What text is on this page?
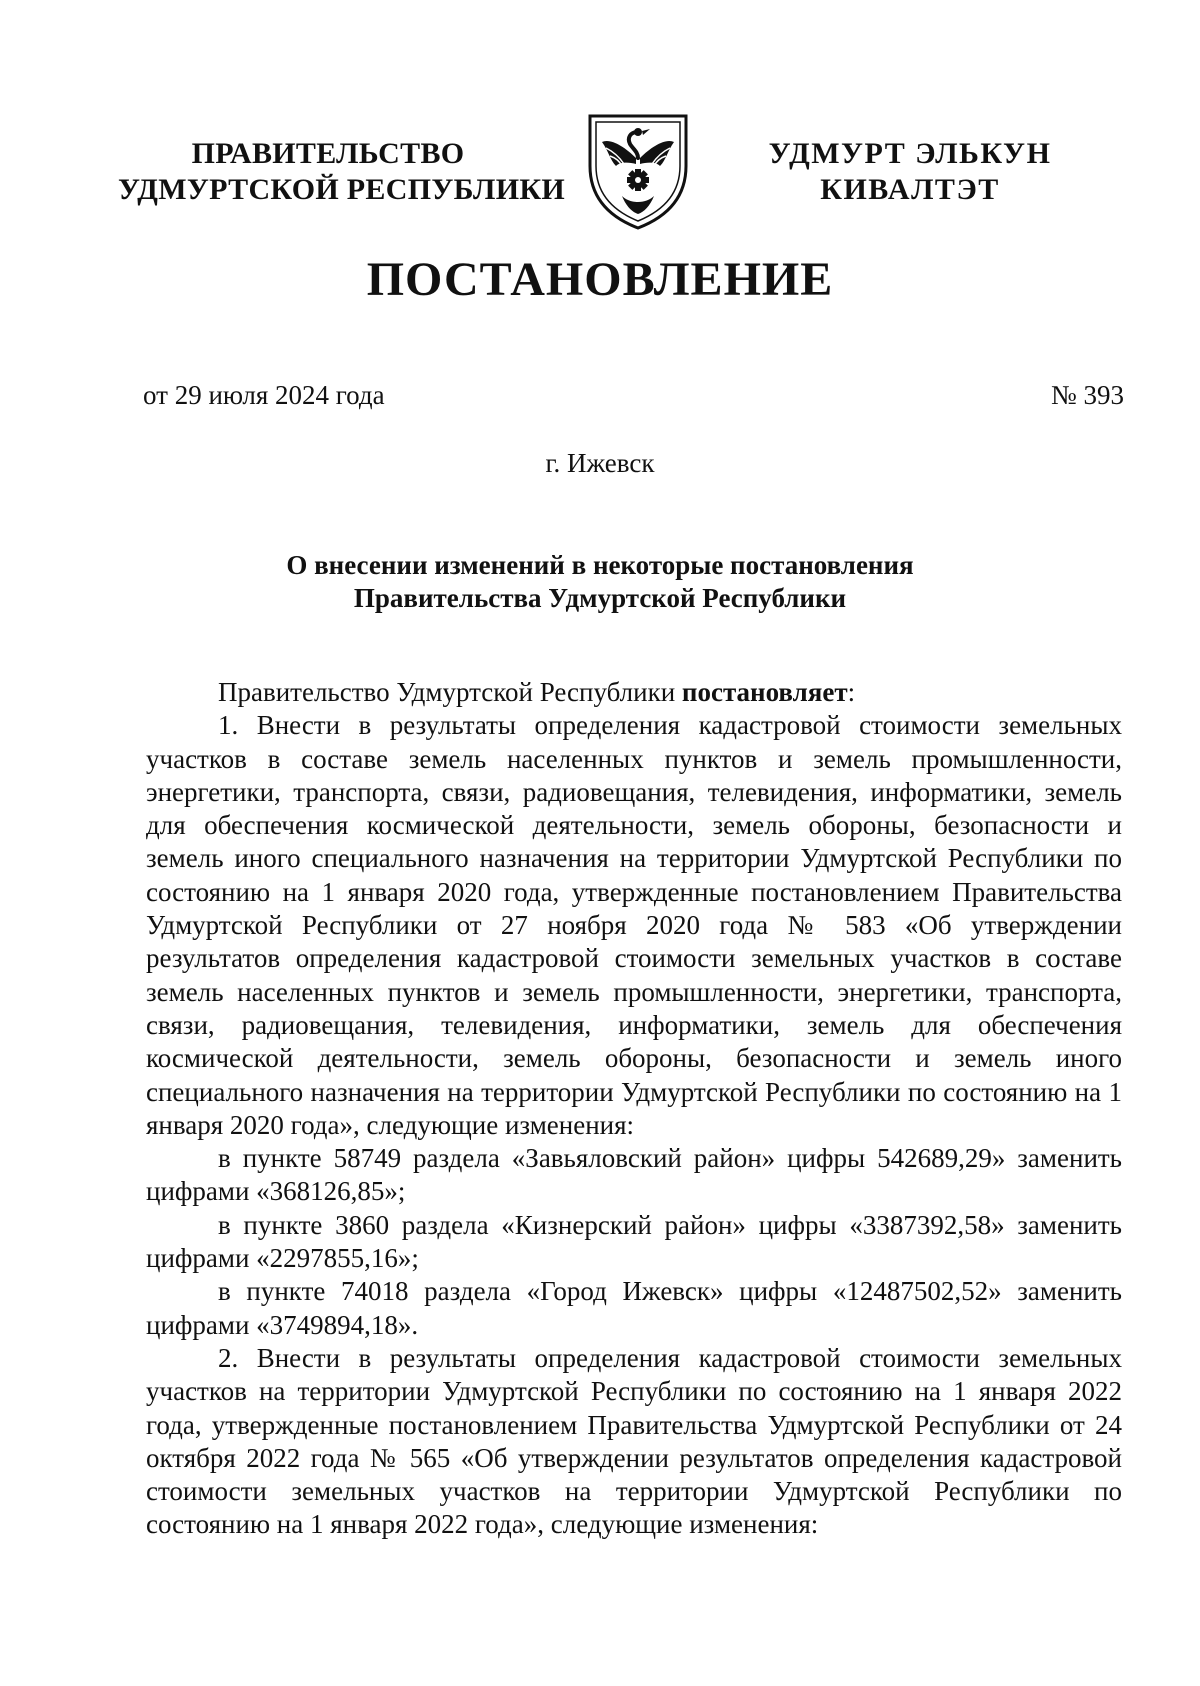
ПРАВИТЕЛЬСТВО
УДМУРТСКОЙ РЕСПУБЛИКИ
УДМУРТ ЭЛЬКУН
КИВАЛТЭТ
ПОСТАНОВЛЕНИЕ
от 29 июля 2024 года	№ 393
г. Ижевск
О внесении изменений в некоторые постановления
Правительства Удмуртской Республики

Правительство Удмуртской Республики постановляет:

1. Внести в результаты определения кадастровой стоимости земельных участков в составе земель населенных пунктов и земель промышленности, энергетики, транспорта, связи, радиовещания, телевидения, информатики, земель для обеспечения космической деятельности, земель обороны, безопасности и земель иного специального назначения на территории Удмуртской Республики по состоянию на 1 января 2020 года, утвержденные постановлением Правительства Удмуртской Республики от 27 ноября 2020 года № 583 «Об утверждении результатов определения кадастровой стоимости земельных участков в составе земель населенных пунктов и земель промышленности, энергетики, транспорта, связи, радиовещания, телевидения, информатики, земель для обеспечения космической деятельности, земель обороны, безопасности и земель иного специального назначения на территории Удмуртской Республики по состоянию на 1 января 2020 года», следующие изменения:

в пункте 58749 раздела «Завьяловский район» цифры 542689,29» заменить цифрами «368126,85»;

в пункте 3860 раздела «Кизнерский район» цифры «3387392,58» заменить цифрами «2297855,16»;

в пункте 74018 раздела «Город Ижевск» цифры «12487502,52» заменить цифрами «3749894,18».

2. Внести в результаты определения кадастровой стоимости земельных участков на территории Удмуртской Республики по состоянию на 1 января 2022 года, утвержденные постановлением Правительства Удмуртской Республики от 24 октября 2022 года № 565 «Об утверждении результатов определения кадастровой стоимости земельных участков на территории Удмуртской Республики по состоянию на 1 января 2022 года», следующие изменения:
